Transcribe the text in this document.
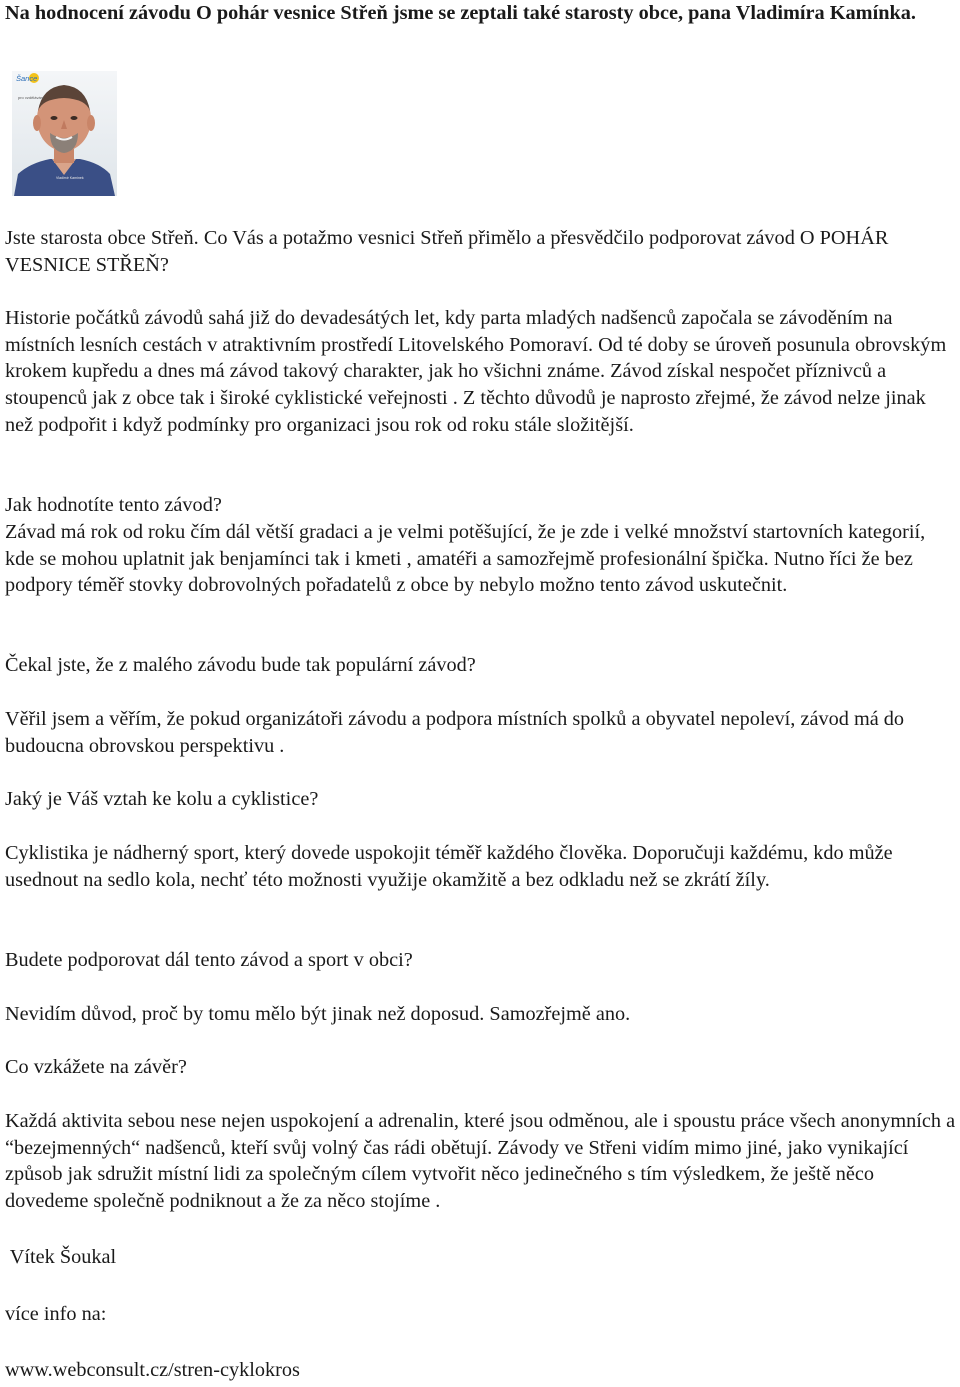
Na hodnocení závodu O pohár vesnice Střeň jsme se zeptali také starosty obce, pana Vladimíra Kamínka.
Šance
pro vzdělávání
Vladimír Kamínek

Jste starosta obce Střeň. Co Vás a potažmo vesnici Střeň přimělo a přesvědčilo podporovat závod O POHÁR VESNICE STŘEŇ?

Historie počátků závodů sahá již do devadesátých let, kdy parta mladých nadšenců započala se závoděním na místních lesních cestách v atraktivním prostředí Litovelského Pomoraví. Od té doby se úroveň posunula obrovským krokem kupředu a dnes má závod takový charakter, jak ho všichni známe. Závod získal nespočet příznivců a stoupenců jak z obce tak i široké cyklistické veřejnosti . Z těchto důvodů je naprosto zřejmé, že závod nelze jinak než podpořit i když podmínky pro organizaci jsou rok od roku stále složitější.

Jak hodnotíte tento závod?

Závad má rok od roku čím dál větší gradaci a je velmi potěšující, že je zde i velké množství startovních kategorií, kde se mohou uplatnit jak benjamínci tak i kmeti , amatéři a samozřejmě profesionální špička. Nutno říci že bez podpory téměř stovky dobrovolných pořadatelů z obce by nebylo možno tento závod uskutečnit.

Čekal jste, že z malého závodu bude tak populární závod?

Věřil jsem a věřím, že pokud organizátoři závodu a podpora místních spolků a obyvatel nepoleví, závod má do budoucna obrovskou perspektivu .

Jaký je Váš vztah ke kolu a cyklistice?

Cyklistika je nádherný sport, který dovede uspokojit téměř každého člověka. Doporučuji každému, kdo může usednout na sedlo kola, nechť této možnosti využije okamžitě a bez odkladu než se zkrátí žíly.

Budete podporovat dál tento závod a sport v obci?

Nevidím důvod, proč by tomu mělo být jinak než doposud. Samozřejmě ano.

Co vzkážete na závěr?

Každá aktivita sebou nese nejen uspokojení a adrenalin, které jsou odměnou, ale i spoustu práce všech anonymních a “bezejmenných“ nadšenců, kteří svůj volný čas rádi obětují. Závody ve Střeni vidím mimo jiné, jako vynikající způsob jak sdružit místní lidi za společným cílem vytvořit něco jedinečného s tím výsledkem, že ještě něco dovedeme společně podniknout a že za něco stojíme .

Vítek Šoukal

více info na:

www.webconsult.cz/stren-cyklokros
